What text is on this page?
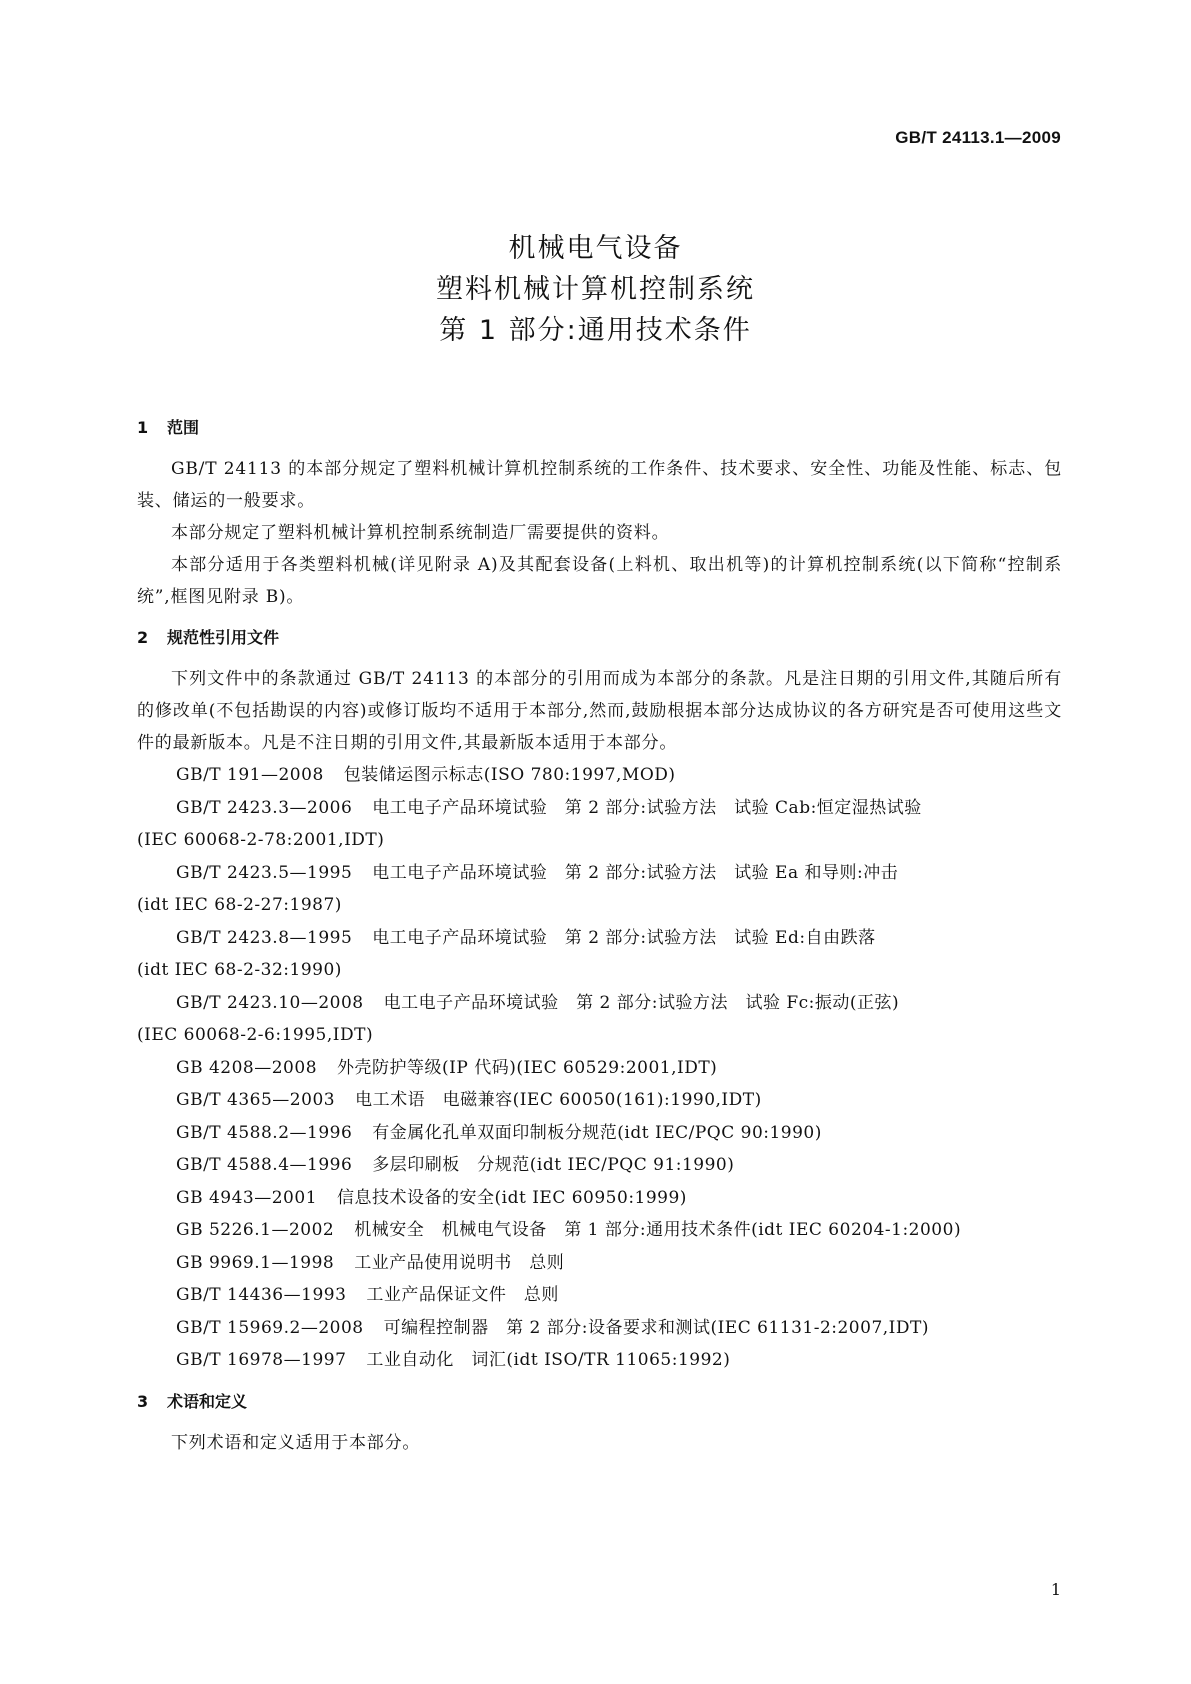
GB/T 24113.1—2009
机械电气设备
塑料机械计算机控制系统
第 1 部分:通用技术条件
1 范围

GB/T 24113 的本部分规定了塑料机械计算机控制系统的工作条件、技术要求、安全性、功能及性能、标志、包装、储运的一般要求。

本部分规定了塑料机械计算机控制系统制造厂需要提供的资料。

本部分适用于各类塑料机械(详见附录 A)及其配套设备(上料机、取出机等)的计算机控制系统(以下简称“控制系统”,框图见附录 B)。

2 规范性引用文件

下列文件中的条款通过 GB/T 24113 的本部分的引用而成为本部分的条款。凡是注日期的引用文件,其随后所有的修改单(不包括勘误的内容)或修订版均不适用于本部分,然而,鼓励根据本部分达成协议的各方研究是否可使用这些文件的最新版本。凡是不注日期的引用文件,其最新版本适用于本部分。

GB/T 191—2008 包装储运图示标志(ISO 780:1997,MOD)
GB/T 2423.3—2006 电工电子产品环境试验　第 2 部分:试验方法　试验 Cab:恒定湿热试验
(IEC 60068-2-78:2001,IDT)
GB/T 2423.5—1995 电工电子产品环境试验　第 2 部分:试验方法　试验 Ea 和导则:冲击
(idt IEC 68-2-27:1987)
GB/T 2423.8—1995 电工电子产品环境试验　第 2 部分:试验方法　试验 Ed:自由跌落
(idt IEC 68-2-32:1990)
GB/T 2423.10—2008 电工电子产品环境试验　第 2 部分:试验方法　试验 Fc:振动(正弦)
(IEC 60068-2-6:1995,IDT)
GB 4208—2008 外壳防护等级(IP 代码)(IEC 60529:2001,IDT)
GB/T 4365—2003 电工术语　电磁兼容(IEC 60050(161):1990,IDT)
GB/T 4588.2—1996 有金属化孔单双面印制板分规范(idt IEC/PQC 90:1990)
GB/T 4588.4—1996 多层印刷板　分规范(idt IEC/PQC 91:1990)
GB 4943—2001 信息技术设备的安全(idt IEC 60950:1999)
GB 5226.1—2002 机械安全　机械电气设备　第 1 部分:通用技术条件(idt IEC 60204-1:2000)
GB 9969.1—1998 工业产品使用说明书　总则
GB/T 14436—1993 工业产品保证文件　总则
GB/T 15969.2—2008 可编程控制器　第 2 部分:设备要求和测试(IEC 61131-2:2007,IDT)
GB/T 16978—1997 工业自动化　词汇(idt ISO/TR 11065:1992)
3 术语和定义

下列术语和定义适用于本部分。

1
